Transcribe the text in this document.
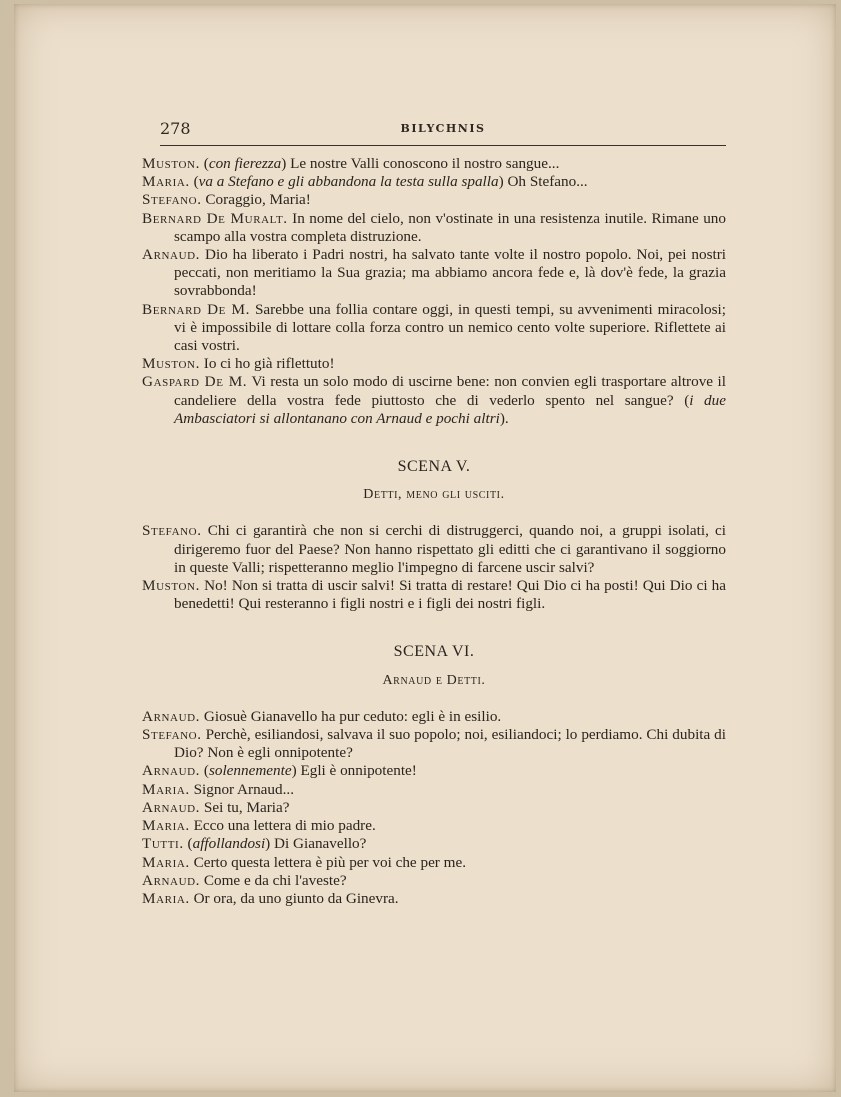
278	BILYCHNIS

Muston. (con fierezza) Le nostre Valli conoscono il nostro sangue...

Maria. (va a Stefano e gli abbandona la testa sulla spalla) Oh Stefano...

Stefano. Coraggio, Maria!

Bernard De Muralt. In nome del cielo, non v'ostinate in una resistenza inutile. Rimane uno scampo alla vostra completa distruzione.

Arnaud. Dio ha liberato i Padri nostri, ha salvato tante volte il nostro popolo. Noi, pei nostri peccati, non meritiamo la Sua grazia; ma abbiamo ancora fede e, là dov'è fede, la grazia sovrabbonda!

Bernard De M. Sarebbe una follia contare oggi, in questi tempi, su avvenimenti miracolosi; vi è impossibile di lottare colla forza contro un nemico cento volte superiore. Riflettete ai casi vostri.

Muston. Io ci ho già riflettuto!

Gaspard De M. Vi resta un solo modo di uscirne bene: non convien egli trasportare altrove il candeliere della vostra fede piuttosto che di vederlo spento nel sangue? (i due Ambasciatori si allontanano con Arnaud e pochi altri).

SCENA V.
Detti, meno gli usciti.

Stefano. Chi ci garantirà che non si cerchi di distruggerci, quando noi, a gruppi isolati, ci dirigeremo fuor del Paese? Non hanno rispettato gli editti che ci garantivano il soggiorno in queste Valli; rispetteranno meglio l'impegno di farcene uscir salvi?

Muston. No! Non si tratta di uscir salvi! Si tratta di restare! Qui Dio ci ha posti! Qui Dio ci ha benedetti! Qui resteranno i figli nostri e i figli dei nostri figli.

SCENA VI.
Arnaud e Detti.

Arnaud. Giosuè Gianavello ha pur ceduto: egli è in esilio.

Stefano. Perchè, esiliandosi, salvava il suo popolo; noi, esiliandoci; lo perdiamo. Chi dubita di Dio? Non è egli onnipotente?

Arnaud. (solennemente) Egli è onnipotente!

Maria. Signor Arnaud...

Arnaud. Sei tu, Maria?

Maria. Ecco una lettera di mio padre.

Tutti. (affollandosi) Di Gianavello?

Maria. Certo questa lettera è più per voi che per me.

Arnaud. Come e da chi l'aveste?

Maria. Or ora, da uno giunto da Ginevra.
